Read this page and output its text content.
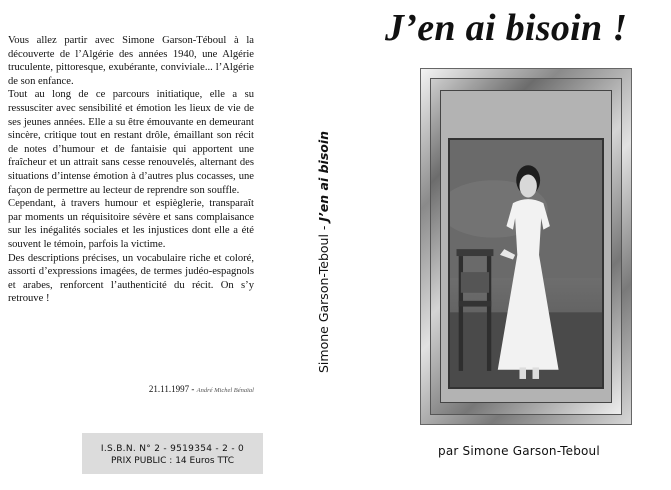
Vous allez partir avec Simone Garson-Téboul à la découverte de l’Algérie des années 1940, une Algérie truculente, pittoresque, exubérante, conviviale... l’Algérie de son enfance.

Tout au long de ce parcours initiatique, elle a su ressusciter avec sensibilité et émotion les lieux de vie de ses jeunes années. Elle a su être émouvante en demeurant sincère, critique tout en restant drôle, émaillant son récit de notes d’humour et de fantaisie qui apportent une fraîcheur et un attrait sans cesse renouvelés, alternant des situations d’intense émotion à d’autres plus cocasses, une façon de permettre au lecteur de reprendre son souffle.

Cependant, à travers humour et espièglerie, transparaît par moments un réquisitoire sévère et sans complaisance sur les inégalités sociales et les injustices dont elle a été souvent le témoin, parfois la victime.

Des descriptions précises, un vocabulaire riche et coloré, assorti d’expressions imagées, de termes judéo-espagnols et arabes, renforcent l’authenticité du récit. On s’y retrouve !

21.11.1997 - André Michel Bénaïal
I.S.B.N. N° 2 - 9519354 - 2 - 0
PRIX PUBLIC : 14 Euros TTC
Simone Garson-Teboul - J’en ai bisoin
J’en ai bisoin !
par Simone Garson-Teboul
